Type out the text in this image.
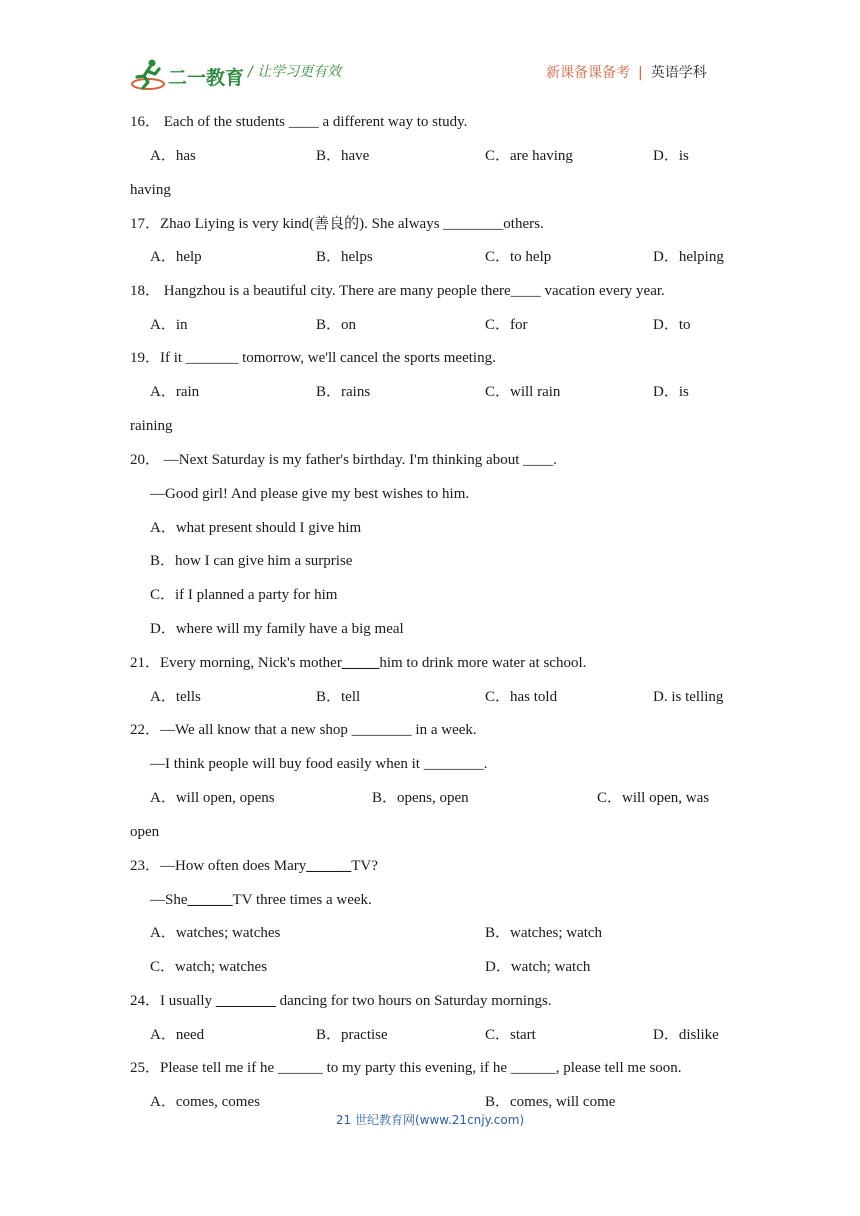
二一教育 / 让学习更有效	新课备课备考 | 英语学科
16． Each of the students ____ a different way to study.
A．has	B．have	C．are having	D．is
having
17．Zhao Liying is very kind(善良的). She always ________others.
A．help	B．helps	C．to help	D．helping
18． Hangzhou is a beautiful city. There are many people there____ vacation every year.
A．in	B．on	C．for	D．to
19．If it _______ tomorrow, we'll cancel the sports meeting.
A．rain	B．rains	C．will rain	D．is
raining
20． —Next Saturday is my father's birthday. I'm thinking about ____.
—Good girl! And please give my best wishes to him.
A．what present should I give him
B．how I can give him a surprise
C．if I planned a party for him
D．where will my family have a big meal
21．Every morning, Nick's mother_____him to drink more water at school.
A．tells	B．tell	C．has told	D. is telling
22．—We all know that a new shop ________ in a week.
—I think people will buy food easily when it ________.
A．will open, opens	B．opens, open	C．will open, was
open
23．—How often does Mary______TV?
—She______TV three times a week.
A．watches; watches	B．watches; watch
C．watch; watches	D．watch; watch
24．I usually ________ dancing for two hours on Saturday mornings.
A．need	B．practise	C．start	D．dislike
25．Please tell me if he ______ to my party this evening, if he ______, please tell me soon.
A．comes, comes	B．comes, will come
21 世纪教育网(www.21cnjy.com)
